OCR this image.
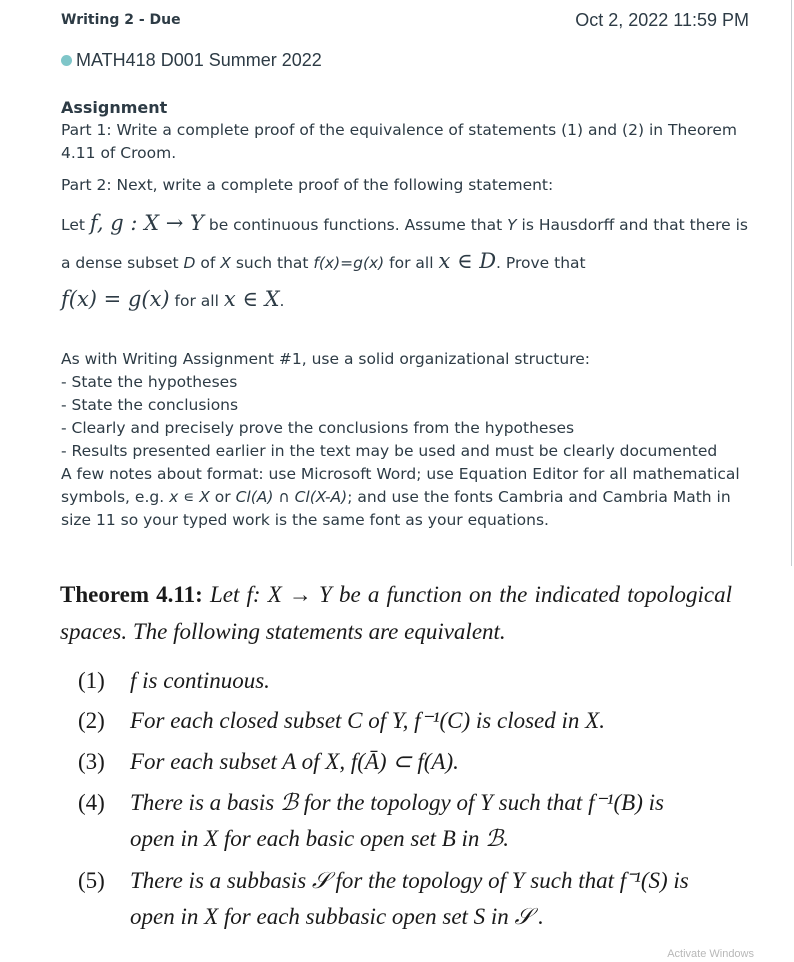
Writing 2 - Due	Oct 2, 2022 11:59 PM
MATH418 D001 Summer 2022

Assignment

Part 1: Write a complete proof of the equivalence of statements (1) and (2) in Theorem 4.11 of Croom.

Part 2: Next, write a complete proof of the following statement:

Let f, g : X → Y be continuous functions. Assume that Y is Hausdorff and that there is a dense subset D of X such that f(x)=g(x) for all x ∈ D. Prove that
f(x) = g(x) for all x ∈ X.

As with Writing Assignment #1, use a solid organizational structure:

- State the hypotheses

- State the conclusions

- Clearly and precisely prove the conclusions from the hypotheses

- Results presented earlier in the text may be used and must be clearly documented

A few notes about format: use Microsoft Word; use Equation Editor for all mathematical symbols, e.g. x ∊ X or Cl(A) ∩ Cl(X-A); and use the fonts Cambria and Cambria Math in size 11 so your typed work is the same font as your equations.

Theorem 4.11: Let f: X → Y be a function on the indicated topological spaces. The following statements are equivalent.
(1) f is continuous.
(2) For each closed subset C of Y, f⁻¹(C) is closed in X.
(3) For each subset A of X, f(Ā) ⊂ f(A).
(4) There is a basis ℬ for the topology of Y such that f⁻¹(B) is
open in X for each basic open set B in ℬ.
(5) There is a subbasis 𝒮 for the topology of Y such that f⁻¹(S) is
open in X for each subbasic open set S in 𝒮 .
Activate Windows
